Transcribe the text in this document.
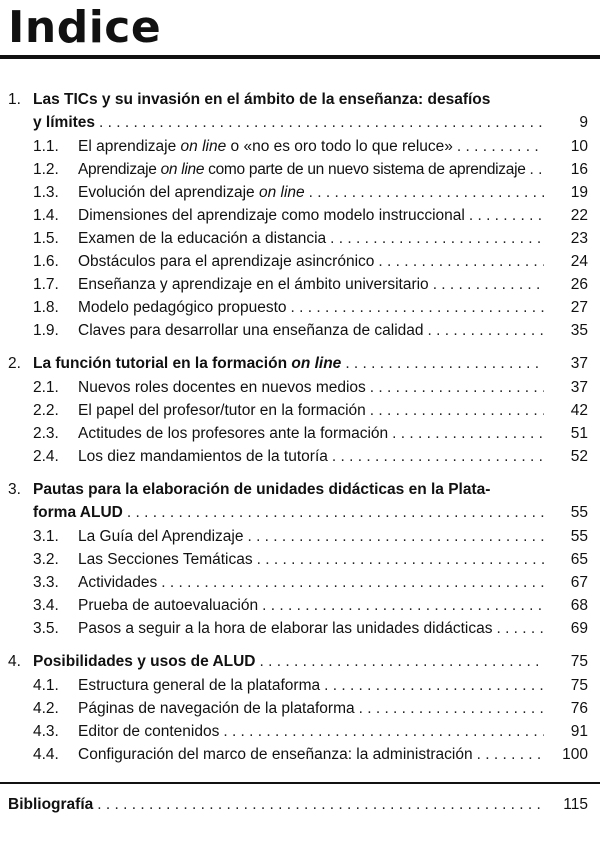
Indice
1. Las TICs y su invasión en el ámbito de la enseñanza: desafíos
y límites . . .	9
1.1.	El aprendizaje on line o «no es oro todo lo que reluce» . . .	10
1.2.	Aprendizaje on line como parte de un nuevo sistema de aprendizaje . . .	16
1.3.	Evolución del aprendizaje on line . . .	19
1.4.	Dimensiones del aprendizaje como modelo instruccional . . .	22
1.5.	Examen de la educación a distancia . . .	23
1.6.	Obstáculos para el aprendizaje asincrónico . . .	24
1.7.	Enseñanza y aprendizaje en el ámbito universitario . . .	26
1.8.	Modelo pedagógico propuesto . . .	27
1.9.	Claves para desarrollar una enseñanza de calidad . . .	35
2. La función tutorial en la formación on line . . .	37
2.1.	Nuevos roles docentes en nuevos medios . . .	37
2.2.	El papel del profesor/tutor en la formación . . .	42
2.3.	Actitudes de los profesores ante la formación . . .	51
2.4.	Los diez mandamientos de la tutoría . . .	52
3. Pautas para la elaboración de unidades didácticas en la Plata-
forma ALUD . . .	55
3.1.	La Guía del Aprendizaje . . .	55
3.2.	Las Secciones Temáticas . . .	65
3.3.	Actividades . . .	67
3.4.	Prueba de autoevaluación . . .	68
3.5.	Pasos a seguir a la hora de elaborar las unidades didácticas . . .	69
4. Posibilidades y usos de ALUD . . .	75
4.1.	Estructura general de la plataforma . . .	75
4.2.	Páginas de navegación de la plataforma . . .	76
4.3.	Editor de contenidos . . .	91
4.4.	Configuración del marco de enseñanza: la administración . . .	100
Bibliografía . . .	115
